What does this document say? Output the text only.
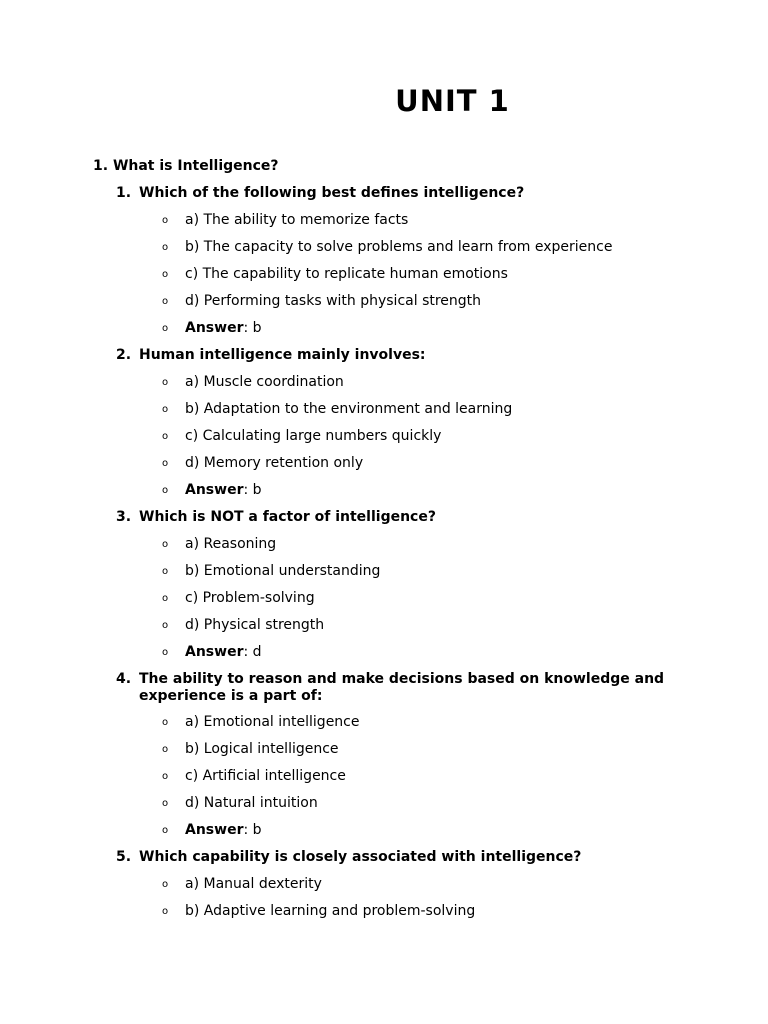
UNIT 1
1. What is Intelligence?
1. Which of the following best defines intelligence?
o a) The ability to memorize facts
o b) The capacity to solve problems and learn from experience
o c) The capability to replicate human emotions
o d) Performing tasks with physical strength
o Answer: b
2. Human intelligence mainly involves:
o a) Muscle coordination
o b) Adaptation to the environment and learning
o c) Calculating large numbers quickly
o d) Memory retention only
o Answer: b
3. Which is NOT a factor of intelligence?
o a) Reasoning
o b) Emotional understanding
o c) Problem-solving
o d) Physical strength
o Answer: d
4. The ability to reason and make decisions based on knowledge and experience is a part of:
o a) Emotional intelligence
o b) Logical intelligence
o c) Artificial intelligence
o d) Natural intuition
o Answer: b
5. Which capability is closely associated with intelligence?
o a) Manual dexterity
o b) Adaptive learning and problem-solving
